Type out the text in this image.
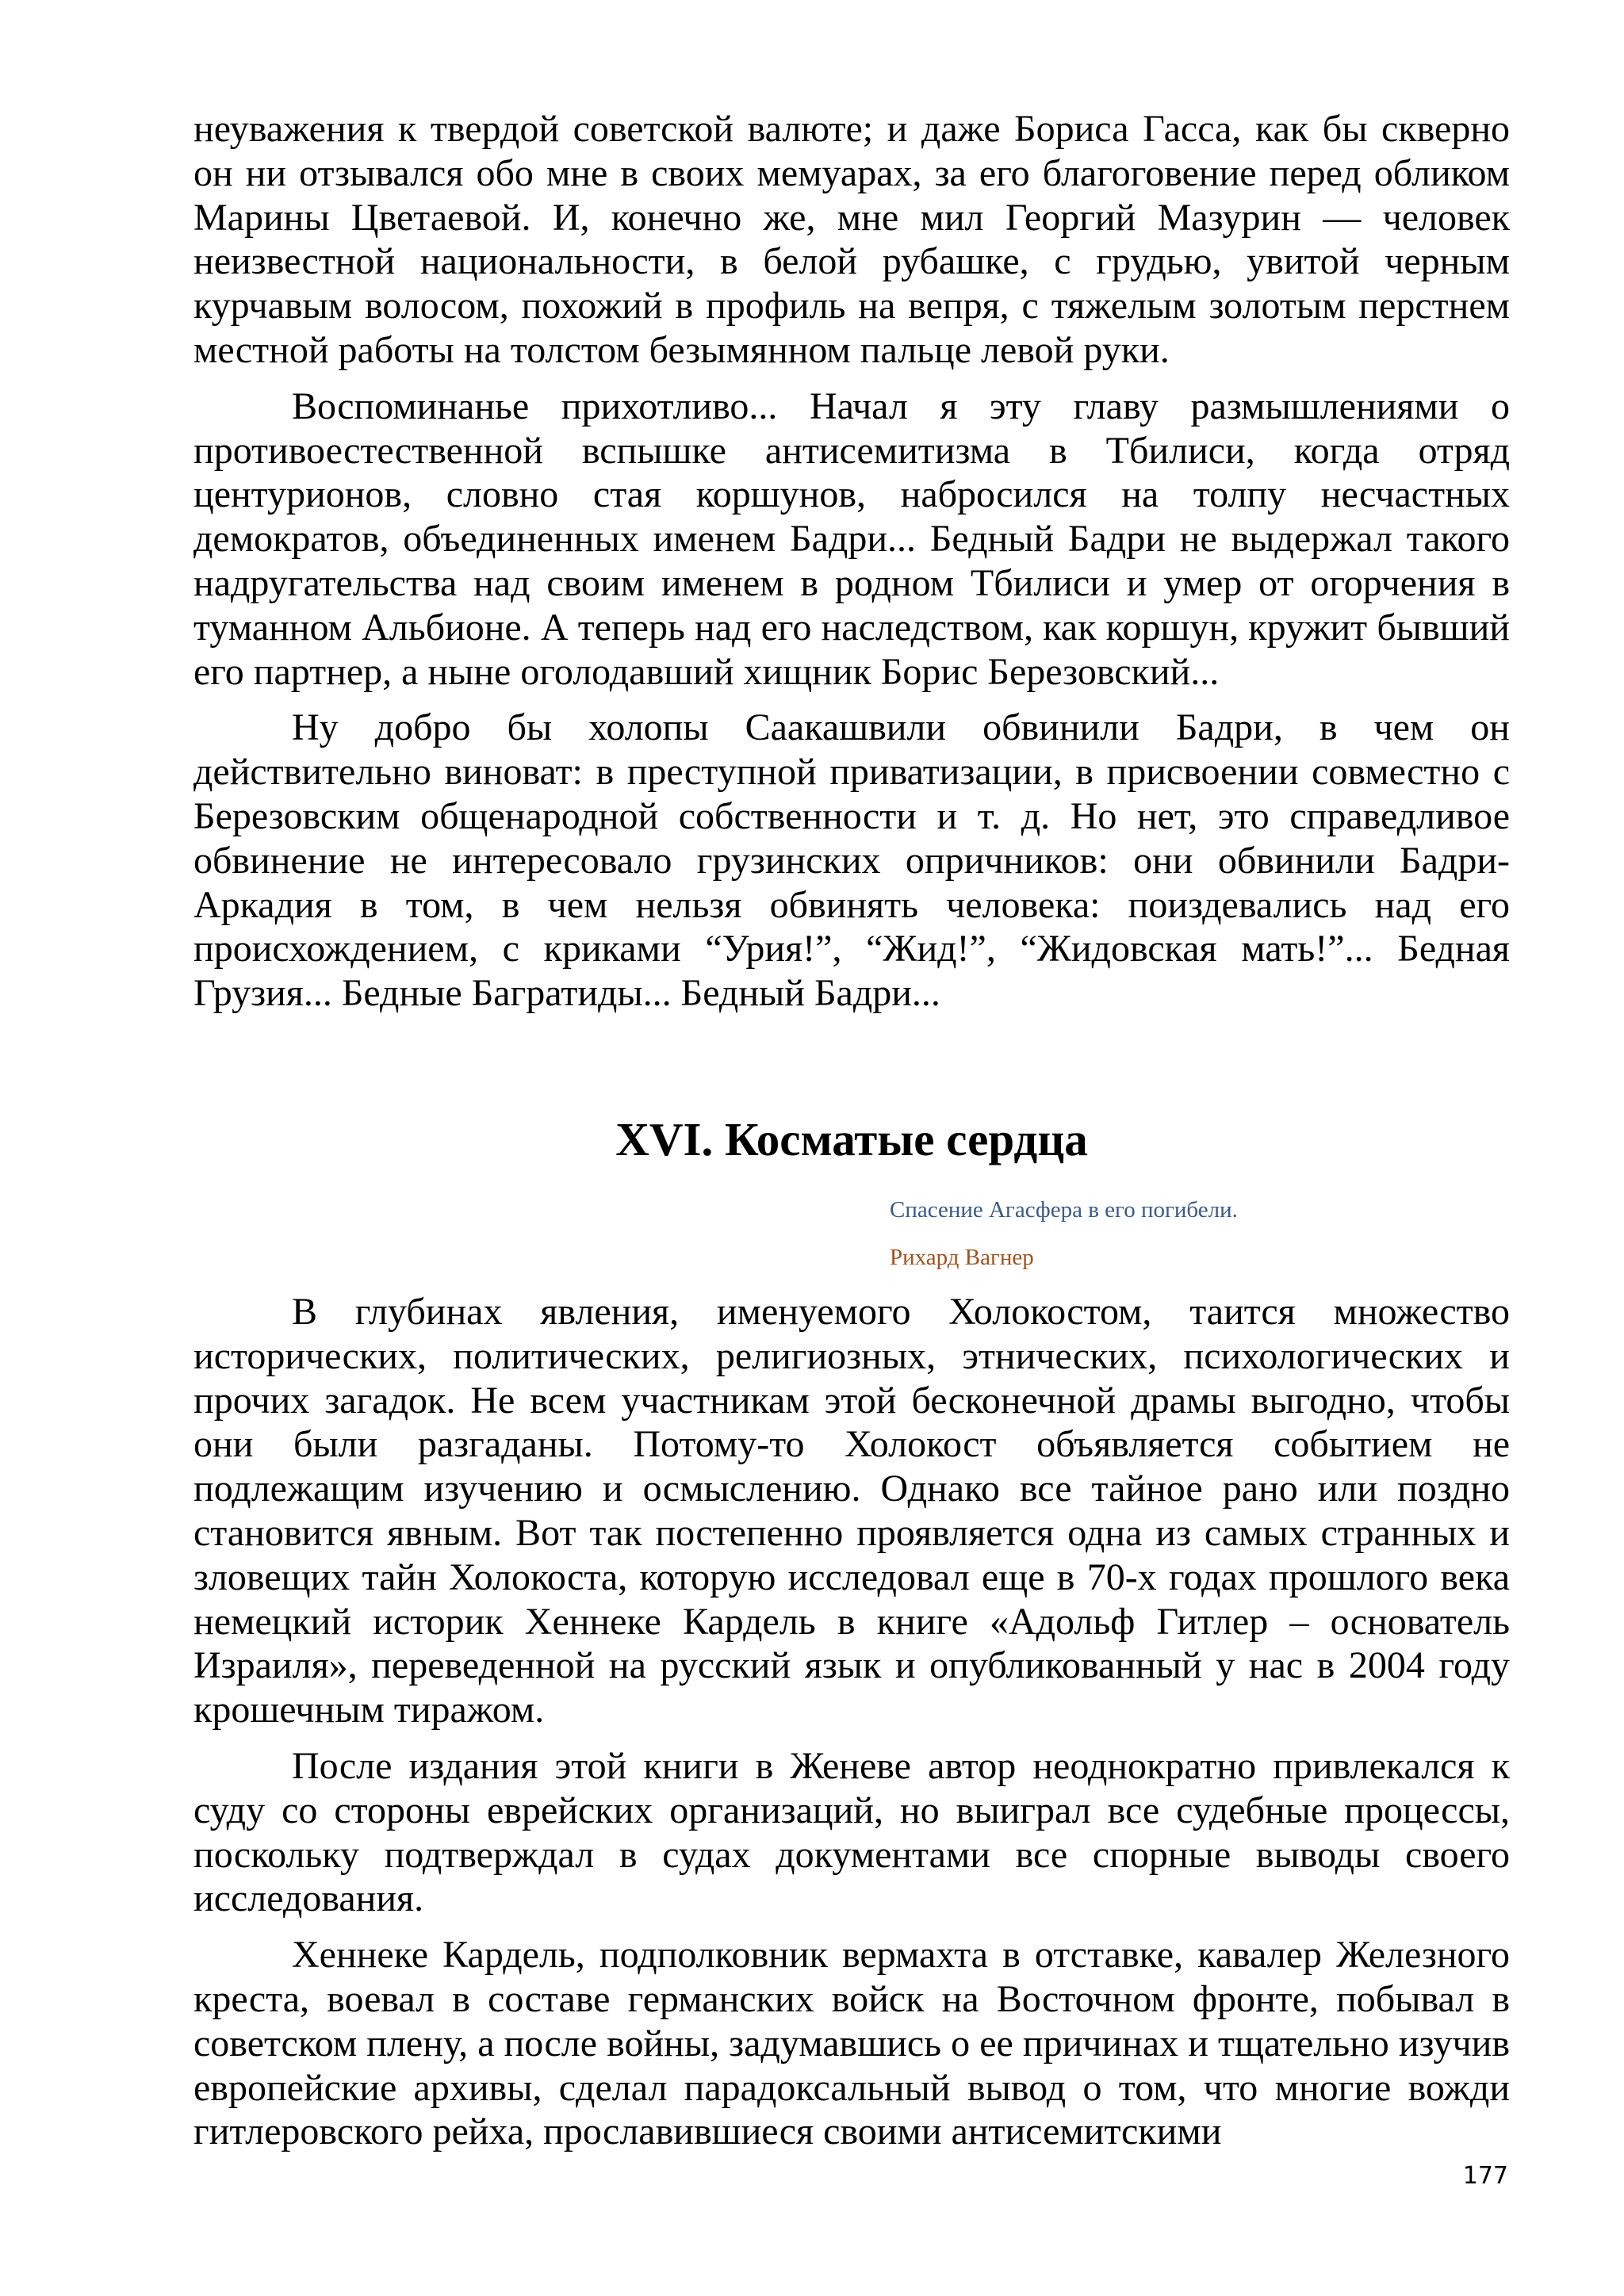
неуважения к твердой советской валюте; и даже Бориса Гасса, как бы скверно он ни отзывался обо мне в своих мемуарах, за его благоговение перед обликом Марины Цветаевой. И, конечно же, мне мил Георгий Мазурин — человек неизвестной национальности, в белой рубашке, с грудью, увитой черным курчавым волосом, похожий в профиль на вепря, с тяжелым золотым перстнем местной работы на толстом безымянном пальце левой руки.

Воспоминанье прихотливо... Начал я эту главу размышлениями о противоестественной вспышке антисемитизма в Тбилиси, когда отряд центурионов, словно стая коршунов, набросился на толпу несчастных демократов, объединенных именем Бадри... Бедный Бадри не выдержал такого надругательства над своим именем в родном Тбилиси и умер от огорчения в туманном Альбионе. А теперь над его наследством, как коршун, кружит бывший его партнер, а ныне оголодавший хищник Борис Березовский...

Ну добро бы холопы Саакашвили обвинили Бадри, в чем он действительно виноват: в преступной приватизации, в присвоении совместно с Березовским общенародной собственности и т. д. Но нет, это справедливое обвинение не интересовало грузинских опричников: они обвинили Бадри-Аркадия в том, в чем нельзя обвинять человека: поиздевались над его происхождением, с криками “Урия!”, “Жид!”, “Жидовская мать!”... Бедная Грузия... Бедные Багратиды... Бедный Бадри...

XVI. Косматые сердца
Спасение Агасфера в его погибели.
Рихард Вагнер

В глубинах явления, именуемого Холокостом, таится множество исторических, политических, религиозных, этнических, психологических и прочих загадок. Не всем участникам этой бесконечной драмы выгодно, чтобы они были разгаданы. Потому-то Холокост объявляется событием не подлежащим изучению и осмыслению. Однако все тайное рано или поздно становится явным. Вот так постепенно проявляется одна из самых странных и зловещих тайн Холокоста, которую исследовал еще в 70-х годах прошлого века немецкий историк Хеннеке Кардель в книге «Адольф Гитлер – основатель Израиля», переведенной на русский язык и опубликованный у нас в 2004 году крошечным тиражом.

После издания этой книги в Женеве автор неоднократно привлекался к суду со стороны еврейских организаций, но выиграл все судебные процессы, поскольку подтверждал в судах документами все спорные выводы своего исследования.

Хеннеке Кардель, подполковник вермахта в отставке, кавалер Железного креста, воевал в составе германских войск на Восточном фронте, побывал в советском плену, а после войны, задумавшись о ее причинах и тщательно изучив европейские архивы, сделал парадоксальный вывод о том, что многие вожди гитлеровского рейха, прославившиеся своими антисемитскими

177
